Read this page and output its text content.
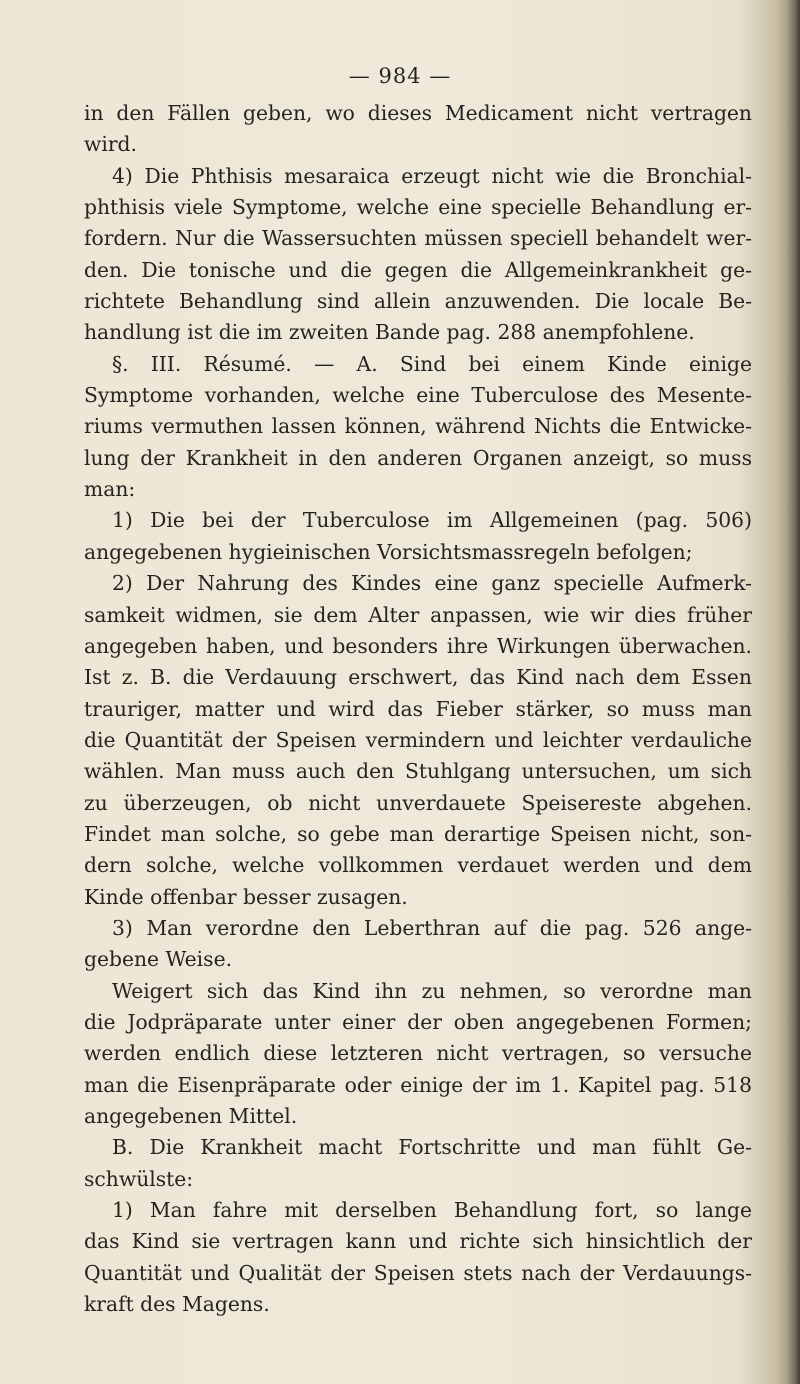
— 984 —
in den Fällen geben, wo dieses Medicament nicht vertragen
wird.
4) Die Phthisis mesaraica erzeugt nicht wie die Bronchial-
phthisis viele Symptome, welche eine specielle Behandlung er-
fordern. Nur die Wassersuchten müssen speciell behandelt wer-
den. Die tonische und die gegen die Allgemeinkrankheit ge-
richtete Behandlung sind allein anzuwenden. Die locale Be-
handlung ist die im zweiten Bande pag. 288 anempfohlene.
§. III. Résumé. — A. Sind bei einem Kinde einige
Symptome vorhanden, welche eine Tuberculose des Mesente-
riums vermuthen lassen können, während Nichts die Entwicke-
lung der Krankheit in den anderen Organen anzeigt, so muss
man:
1) Die bei der Tuberculose im Allgemeinen (pag. 506)
angegebenen hygieinischen Vorsichtsmassregeln befolgen;
2) Der Nahrung des Kindes eine ganz specielle Aufmerk-
samkeit widmen, sie dem Alter anpassen, wie wir dies früher
angegeben haben, und besonders ihre Wirkungen überwachen.
Ist z. B. die Verdauung erschwert, das Kind nach dem Essen
trauriger, matter und wird das Fieber stärker, so muss man
die Quantität der Speisen vermindern und leichter verdauliche
wählen. Man muss auch den Stuhlgang untersuchen, um sich
zu überzeugen, ob nicht unverdauete Speisereste abgehen.
Findet man solche, so gebe man derartige Speisen nicht, son-
dern solche, welche vollkommen verdauet werden und dem
Kinde offenbar besser zusagen.
3) Man verordne den Leberthran auf die pag. 526 ange-
gebene Weise.
Weigert sich das Kind ihn zu nehmen, so verordne man
die Jodpräparate unter einer der oben angegebenen Formen;
werden endlich diese letzteren nicht vertragen, so versuche
man die Eisenpräparate oder einige der im 1. Kapitel pag. 518
angegebenen Mittel.
B. Die Krankheit macht Fortschritte und man fühlt Ge-
schwülste:
1) Man fahre mit derselben Behandlung fort, so lange
das Kind sie vertragen kann und richte sich hinsichtlich der
Quantität und Qualität der Speisen stets nach der Verdauungs-
kraft des Magens.
